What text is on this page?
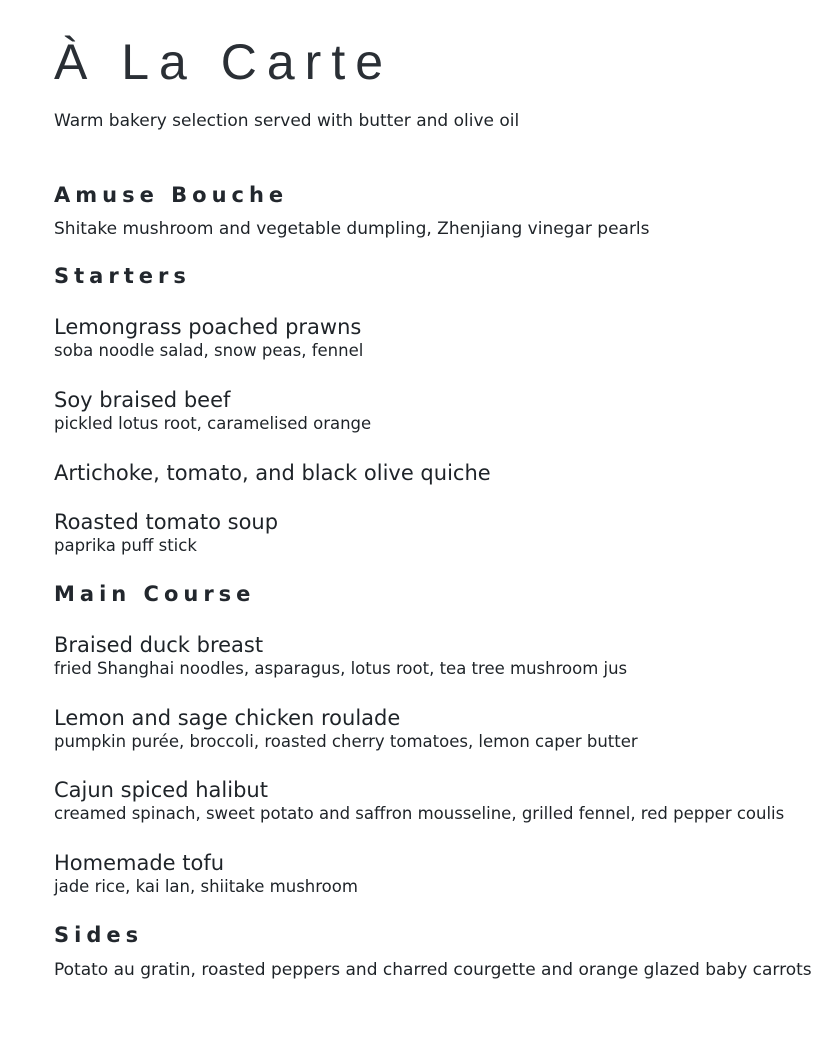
À La Carte
Warm bakery selection served with butter and olive oil
Amuse Bouche
Shitake mushroom and vegetable dumpling, Zhenjiang vinegar pearls
Starters
Lemongrass poached prawns
soba noodle salad, snow peas, fennel
Soy braised beef
pickled lotus root, caramelised orange
Artichoke, tomato, and black olive quiche
Roasted tomato soup
paprika puff stick
Main Course
Braised duck breast
fried Shanghai noodles, asparagus, lotus root, tea tree mushroom jus
Lemon and sage chicken roulade
pumpkin purée, broccoli, roasted cherry tomatoes, lemon caper butter
Cajun spiced halibut
creamed spinach, sweet potato and saffron mousseline, grilled fennel, red pepper coulis
Homemade tofu
jade rice, kai lan, shiitake mushroom
Sides
Potato au gratin, roasted peppers and charred courgette and orange glazed baby carrots
